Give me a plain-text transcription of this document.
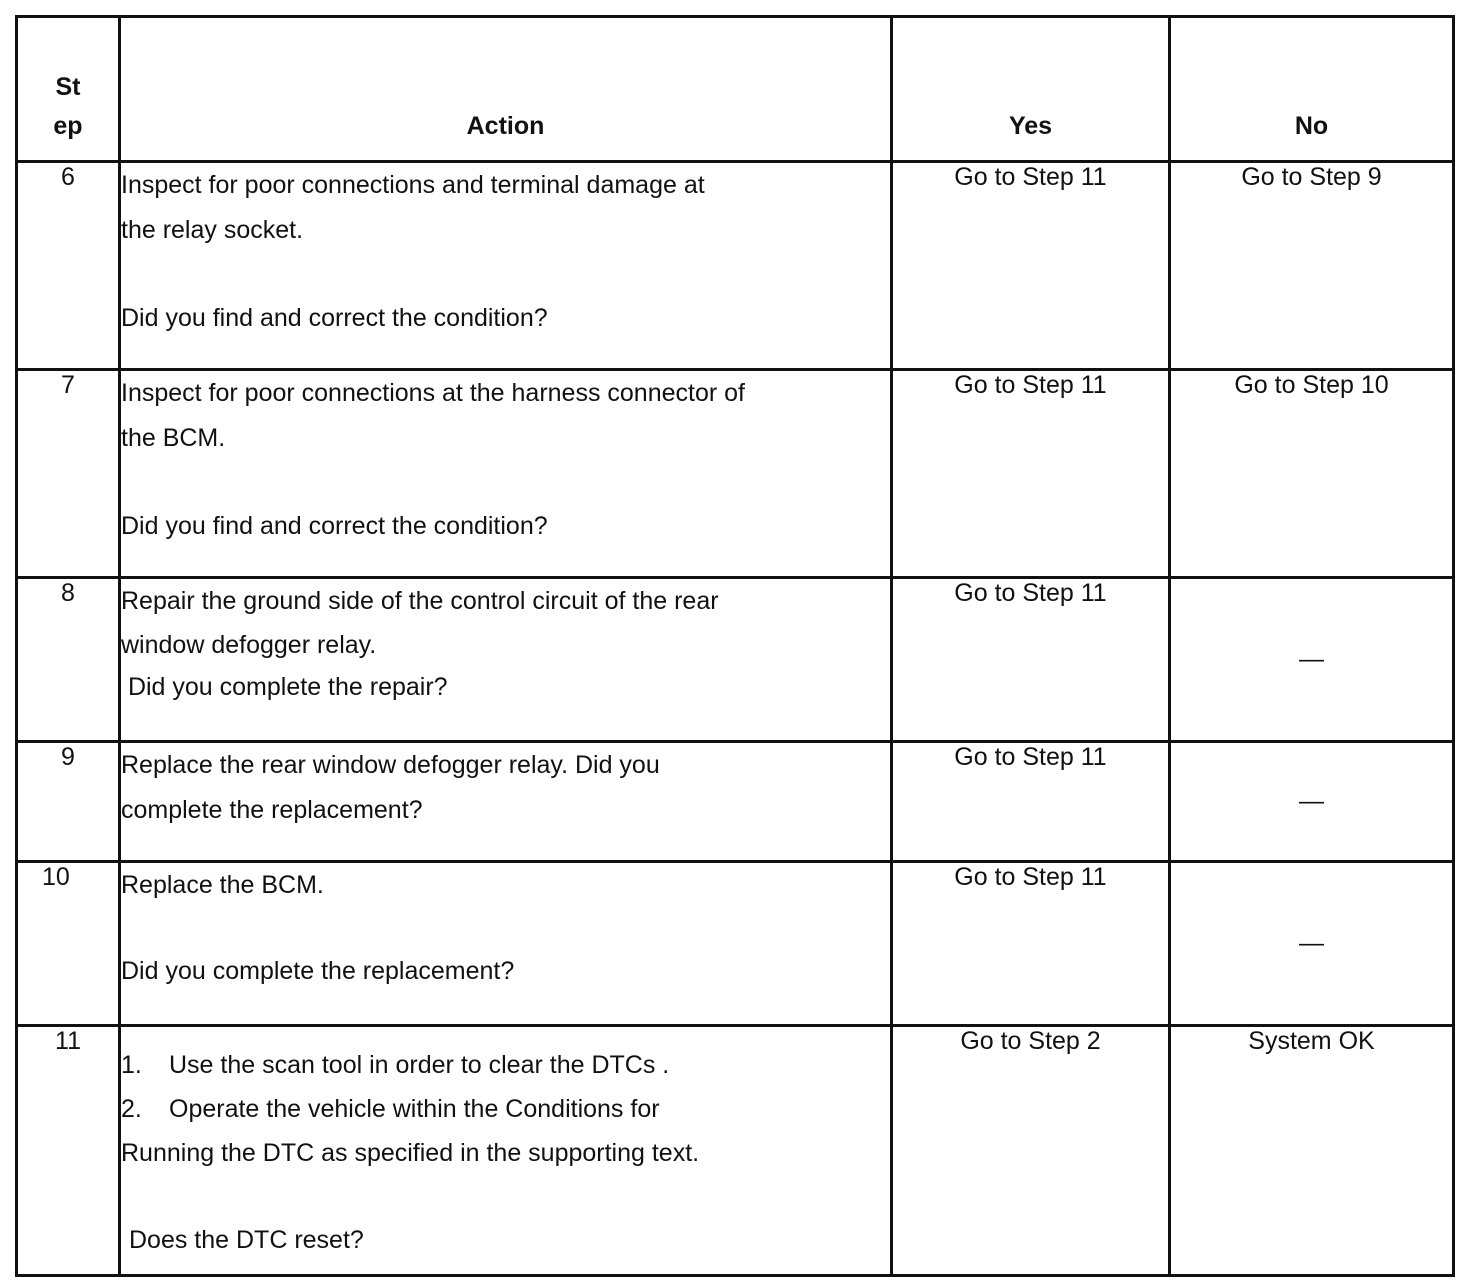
St ep	Action	Yes	No
6	Inspect for poor connections and terminal damage at
the relay socket.
Did you find and correct the condition?	Go to Step 11	Go to Step 9
7	Inspect for poor connections at the harness connector of
the BCM.
Did you find and correct the condition?	Go to Step 11	Go to Step 10
8	Repair the ground side of the control circuit of the rear
window defogger relay.
Did you complete the repair?	Go to Step 11	—
9	Replace the rear window defogger relay. Did you
complete the replacement?	Go to Step 11	—
10	Replace the BCM.
Did you complete the replacement?	Go to Step 11	—
11	1. Use the scan tool in order to clear the DTCs .
2. Operate the vehicle within the Conditions for
Running the DTC as specified in the supporting text.
Does the DTC reset?	Go to Step 2	System OK
